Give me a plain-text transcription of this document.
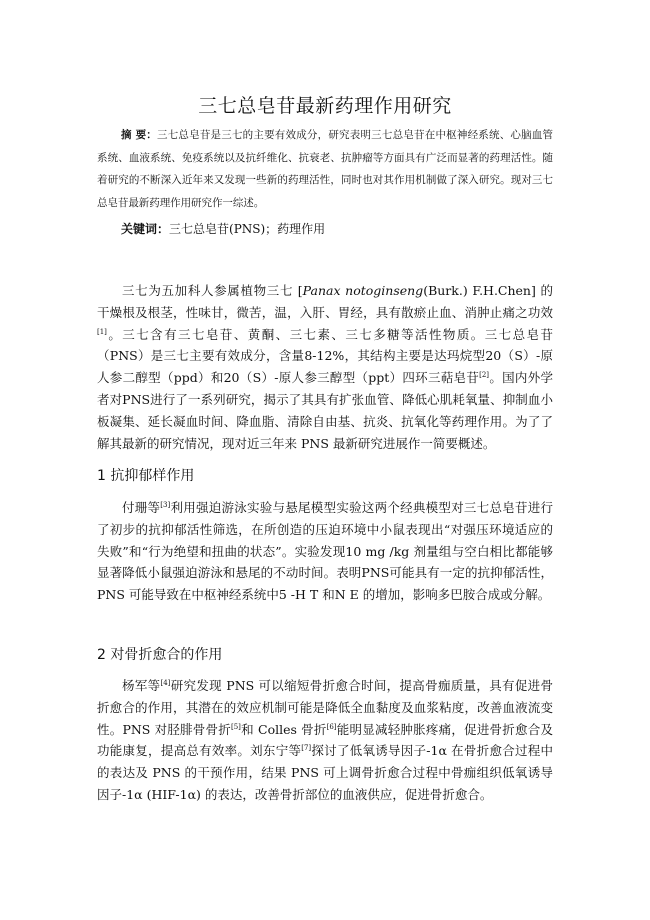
三七总皂苷最新药理作用研究
摘 要：三七总皂苷是三七的主要有效成分，研究表明三七总皂苷在中枢神经系统、心脑血管系统、血液系统、免疫系统以及抗纤维化、抗衰老、抗肿瘤等方面具有广泛而显著的药理活性。随着研究的不断深入近年来又发现一些新的药理活性，同时也对其作用机制做了深入研究。现对三七总皂苷最新药理作用研究作一综述。
关键词：三七总皂苷(PNS)；药理作用
三七为五加科人参属植物三七 [Panax notoginseng(Burk.) F.H.Chen] 的干燥根及根茎，性味甘，微苦，温，入肝、胃经，具有散瘀止血、消肿止痛之功效[1]。三七含有三七皂苷、黄酮、三七素、三七多糖等活性物质。三七总皂苷（PNS）是三七主要有效成分，含量8-12%，其结构主要是达玛烷型20（S）-原人参二醇型（ppd）和20（S）-原人参三醇型（ppt）四环三萜皂苷[2]。国内外学者对PNS进行了一系列研究，揭示了其具有扩张血管、降低心肌耗氧量、抑制血小板凝集、延长凝血时间、降血脂、清除自由基、抗炎、抗氧化等药理作用。为了了解其最新的研究情况，现对近三年来 PNS 最新研究进展作一简要概述。
1 抗抑郁样作用
付珊等[3]利用强迫游泳实验与悬尾模型实验这两个经典模型对三七总皂苷进行了初步的抗抑郁活性筛选，在所创造的压迫环境中小鼠表现出“对强压环境适应的失败”和“行为绝望和扭曲的状态”。实验发现10 mg /kg 剂量组与空白相比都能够显著降低小鼠强迫游泳和悬尾的不动时间。表明PNS可能具有一定的抗抑郁活性，PNS 可能导致在中枢神经系统中5 -H T 和N E 的增加，影响多巴胺合成或分解。
2 对骨折愈合的作用
杨军等[4]研究发现 PNS 可以缩短骨折愈合时间，提高骨痂质量，具有促进骨折愈合的作用，其潜在的效应机制可能是降低全血黏度及血浆粘度，改善血液流变性。PNS 对胫腓骨骨折[5]和 Colles 骨折[6]能明显减轻肿胀疼痛，促进骨折愈合及功能康复，提高总有效率。刘东宁等[7]探讨了低氧诱导因子-1α 在骨折愈合过程中的表达及 PNS 的干预作用，结果 PNS 可上调骨折愈合过程中骨痂组织低氧诱导因子-1α (HIF-1α) 的表达，改善骨折部位的血液供应，促进骨折愈合。
